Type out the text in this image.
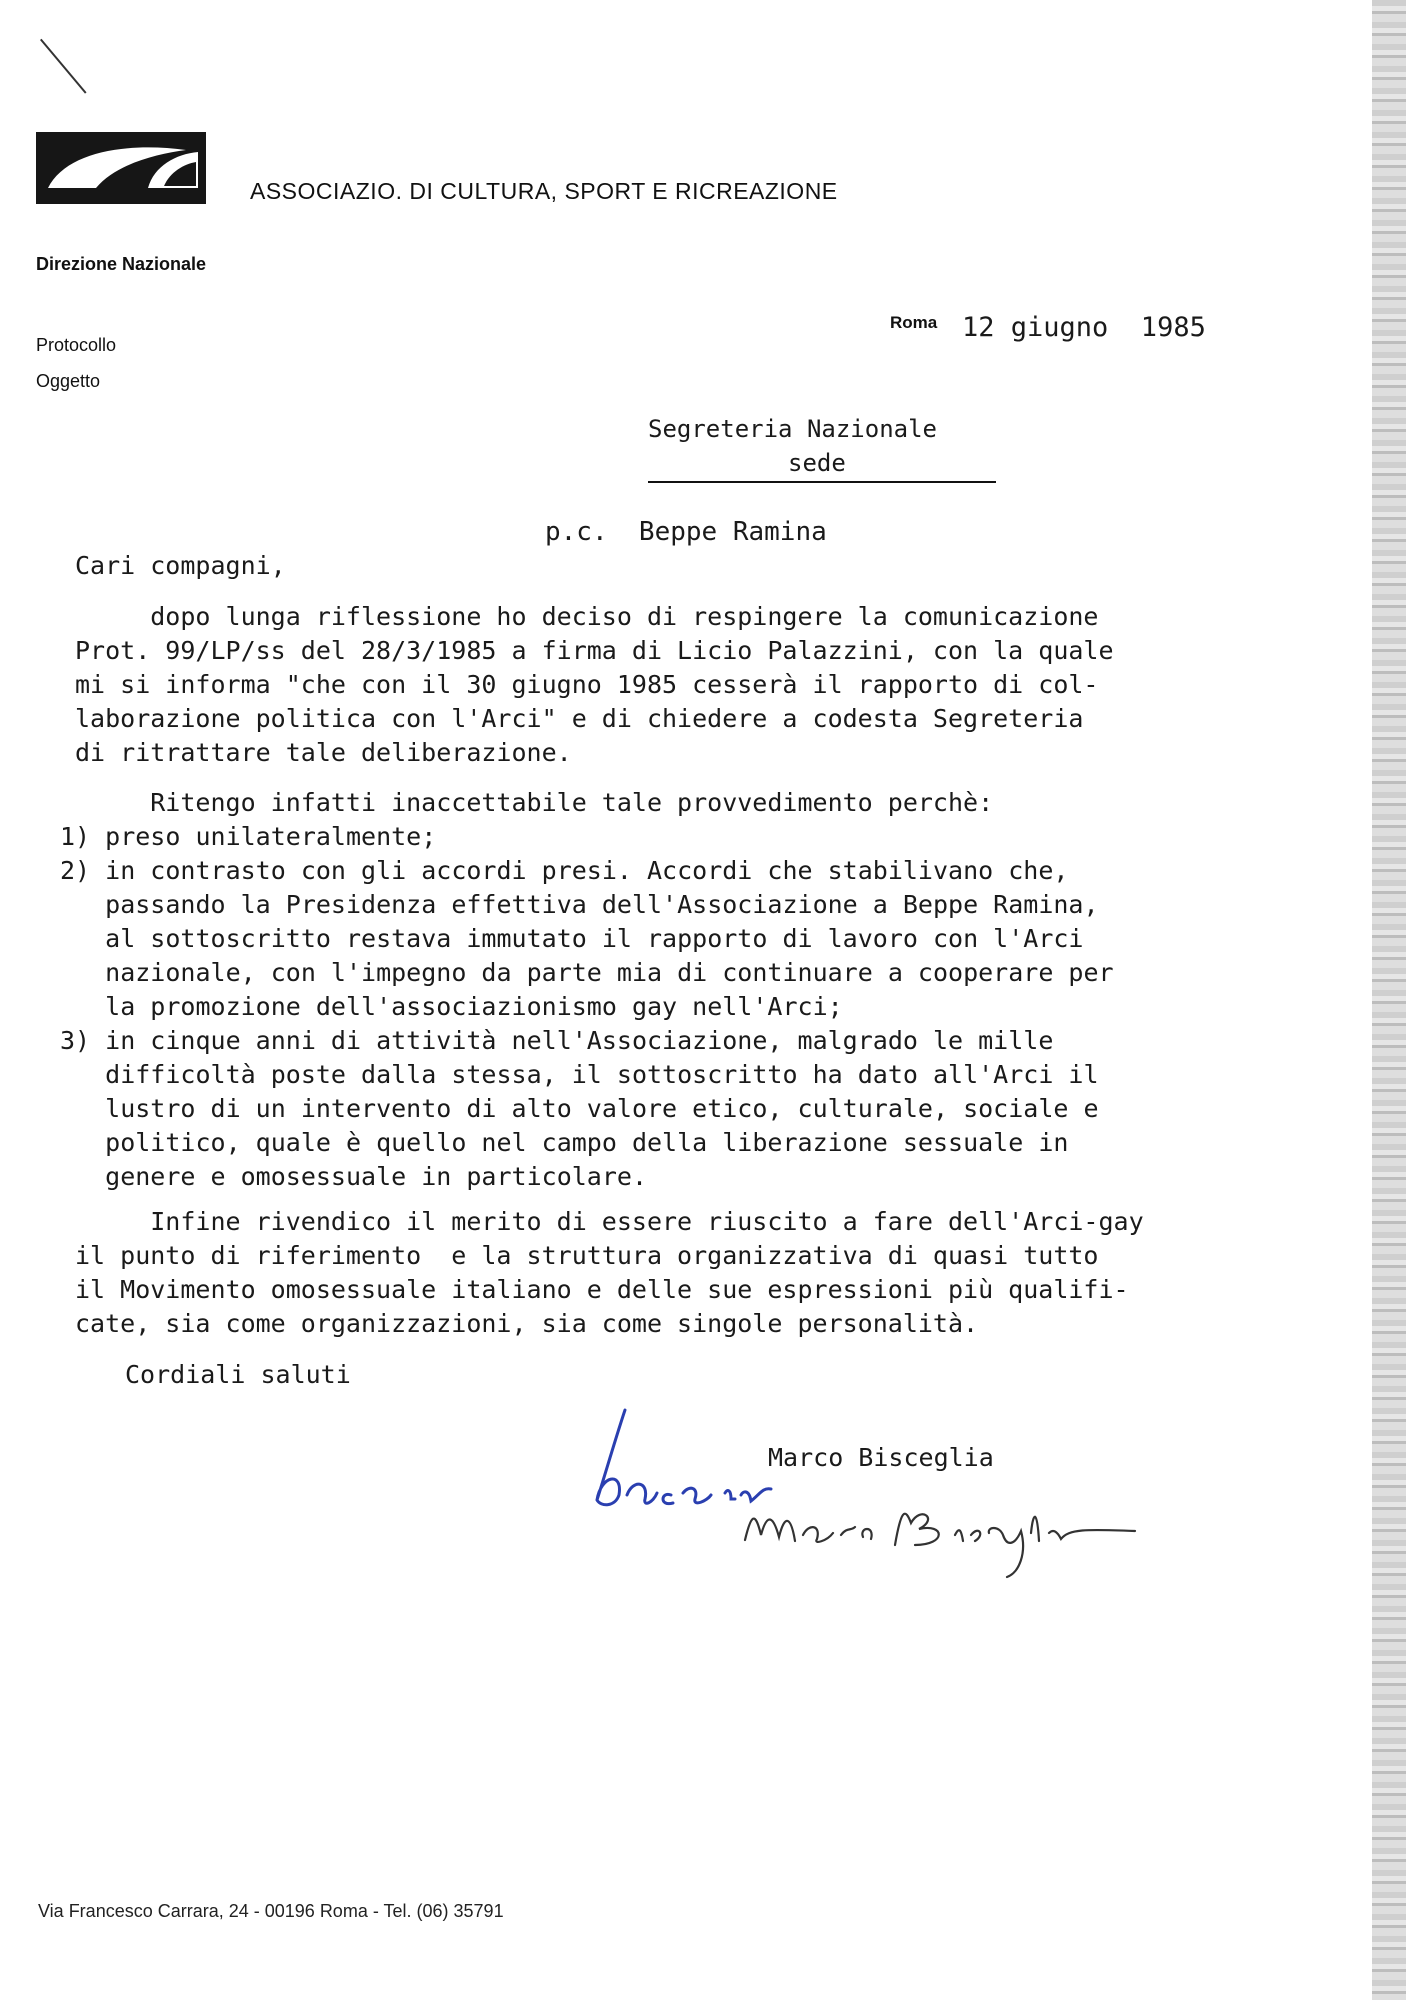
ASSOCIAZIO. DI CULTURA, SPORT E RICREAZIONE
Direzione Nazionale
Protocollo
Oggetto
Roma 12 giugno  1985
Segreteria Nazionale
sede
p.c.  Beppe Ramina
Cari compagni,
dopo lunga riflessione ho deciso di respingere la comunicazione
Prot. 99/LP/ss del 28/3/1985 a firma di Licio Palazzini, con la quale
mi si informa "che con il 30 giugno 1985 cesserà il rapporto di col-
laborazione politica con l'Arci" e di chiedere a codesta Segreteria
di ritrattare tale deliberazione.
Ritengo infatti inaccettabile tale provvedimento perchè:
1) preso unilateralmente;
2) in contrasto con gli accordi presi. Accordi che stabilivano che,
passando la Presidenza effettiva dell'Associazione a Beppe Ramina,
al sottoscritto restava immutato il rapporto di lavoro con l'Arci
nazionale, con l'impegno da parte mia di continuare a cooperare per
la promozione dell'associazionismo gay nell'Arci;
3) in cinque anni di attività nell'Associazione, malgrado le mille
difficoltà poste dalla stessa, il sottoscritto ha dato all'Arci il
lustro di un intervento di alto valore etico, culturale, sociale e
politico, quale è quello nel campo della liberazione sessuale in
genere e omosessuale in particolare.
Infine rivendico il merito di essere riuscito a fare dell'Arci-gay
il punto di riferimento  e la struttura organizzativa di quasi tutto
il Movimento omosessuale italiano e delle sue espressioni più qualifi-
cate, sia come organizzazioni, sia come singole personalità.
Cordiali saluti
Marco Bisceglia
Via Francesco Carrara, 24 - 00196 Roma - Tel. (06) 35791
